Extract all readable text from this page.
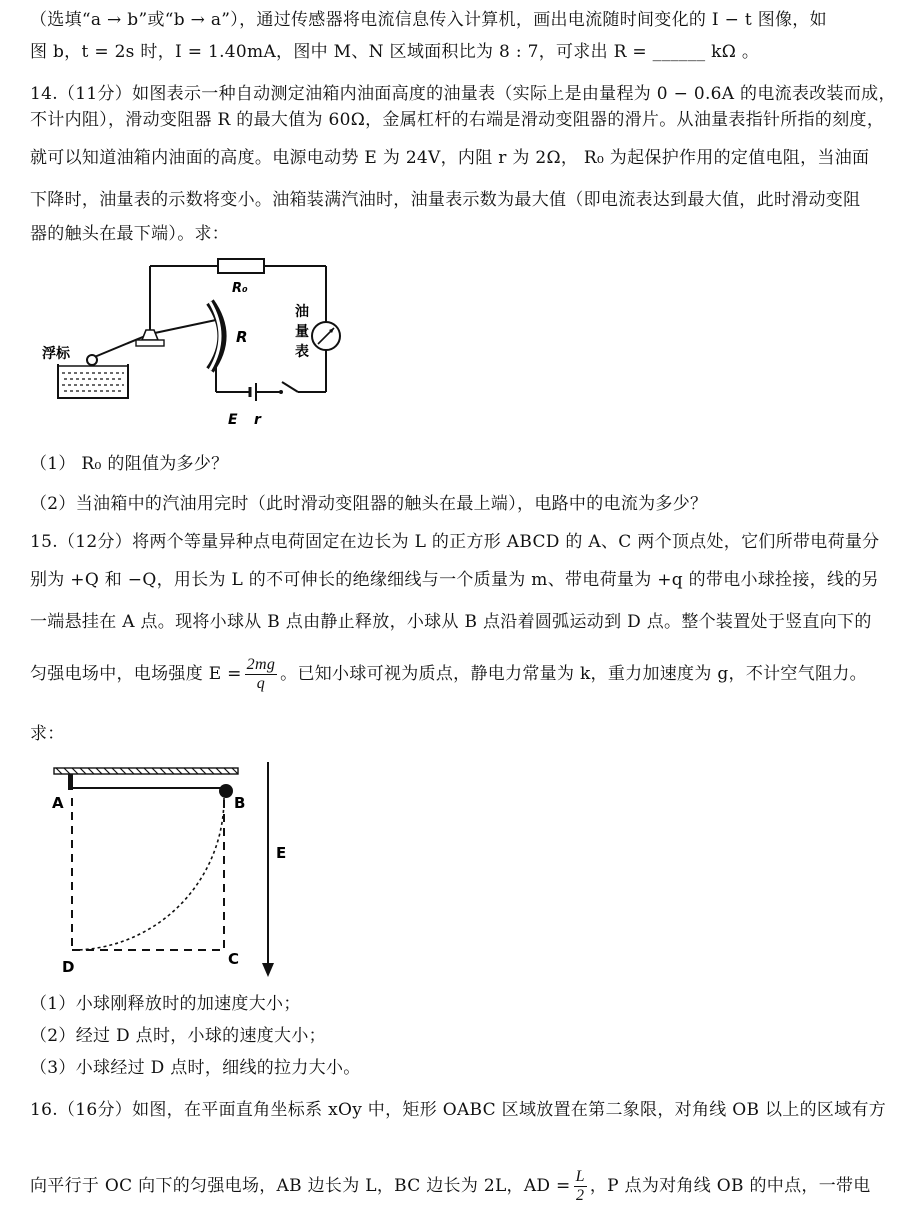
（选填“a → b”或“b → a”），通过传感器将电流信息传入计算机，画出电流随时间变化的 I − t 图像，如
图 b，t = 2s 时，I = 1.40mA，图中 M、N 区域面积比为 8 : 7，可求出 R = ______ kΩ 。
14.（11分）如图表示一种自动测定油箱内油面高度的油量表（实际上是由量程为 0 − 0.6A 的电流表改装而成，
不计内阻），滑动变阻器 R 的最大值为 60Ω，金属杠杆的右端是滑动变阻器的滑片。从油量表指针所指的刻度，
就可以知道油箱内油面的高度。电源电动势 E 为 24V，内阻 r 为 2Ω， R₀ 为起保护作用的定值电阻，当油面
下降时，油量表的示数将变小。油箱装满汽油时，油量表示数为最大值（即电流表达到最大值，此时滑动变阻
器的触头在最下端）。求：
R₀
油
量
表
E r
R
浮标
（1） R₀ 的阻值为多少？
（2）当油箱中的汽油用完时（此时滑动变阻器的触头在最上端），电路中的电流为多少？
15.（12分）将两个等量异种点电荷固定在边长为 L 的正方形 ABCD 的 A、C 两个顶点处，它们所带电荷量分
别为 +Q 和 −Q，用长为 L 的不可伸长的绝缘细线与一个质量为 m、带电荷量为 +q 的带电小球拴接，线的另
一端悬挂在 A 点。现将小球从 B 点由静止释放，小球从 B 点沿着圆弧运动到 D 点。整个装置处于竖直向下的
匀强电场中，电场强度 $E = \frac{2mg}{q}$ 。已知小球可视为质点，静电力常量为 k，重力加速度为 g，不计空气阻力。
求：
A	B
C
D
E
（1）小球刚释放时的加速度大小；
（2）经过 D 点时，小球的速度大小；
（3）小球经过 D 点时，细线的拉力大小。
16.（16分）如图，在平面直角坐标系 xOy 中，矩形 OABC 区域放置在第二象限，对角线 OB 以上的区域有方
向平行于 OC 向下的匀强电场，AB 边长为 L，BC 边长为 2L，AD = $\frac{L}{2}$ ，P 点为对角线 OB 的中点，一带电
